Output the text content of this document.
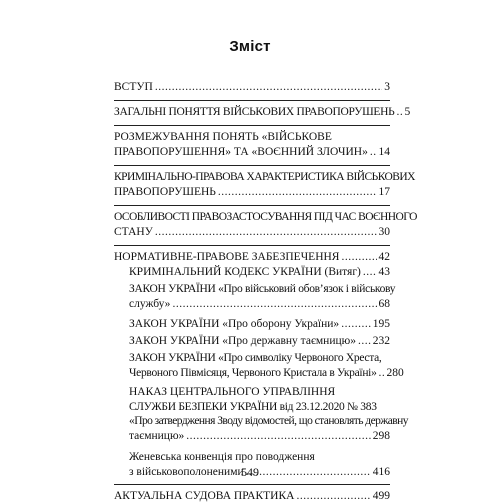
Зміст
ВСТУП .....	3
ЗАГАЛЬНІ ПОНЯТТЯ ВІЙСЬКОВИХ ПРАВОПОРУШЕНЬ ..... 5
РОЗМЕЖУВАННЯ ПОНЯТЬ «ВІЙСЬКОВЕ
ПРАВОПОРУШЕННЯ» ТА «ВОЄННИЙ ЗЛОЧИН» ..... 14
КРИМІНАЛЬНО-ПРАВОВА ХАРАКТЕРИСТИКА ВІЙСЬКОВИХ
ПРАВОПОРУШЕНЬ .....	17
ОСОБЛИВОСТІ ПРАВОЗАСТОСУВАННЯ ПІД ЧАС ВОЄННОГО
СТАНУ .....	30
НОРМАТИВНЕ-ПРАВОВЕ ЗАБЕЗПЕЧЕННЯ .....	42
КРИМІНАЛЬНИЙ КОДЕКС УКРАЇНИ (Витяг) ..... 43
ЗАКОН УКРАЇНИ «Про військовий обов’язок і військову
службу» .....	68
ЗАКОН УКРАЇНИ «Про оборону України» .....	195
ЗАКОН УКРАЇНИ «Про державну таємницю» ..... 232
ЗАКОН УКРАЇНИ «Про символіку Червоного Хреста,
Червоного Півмісяця, Червоного Кристала в Україні» ..... 280
НАКАЗ ЦЕНТРАЛЬНОГО УПРАВЛІННЯ
СЛУЖБИ БЕЗПЕКИ УКРАЇНИ від 23.12.2020 № 383
«Про затвердження Зводу відомостей, що становлять державну
таємницю» .....	298
Женевська конвенція про поводження
з військовополоненими .....	416
АКТУАЛЬНА СУДОВА ПРАКТИКА .....	499
549
